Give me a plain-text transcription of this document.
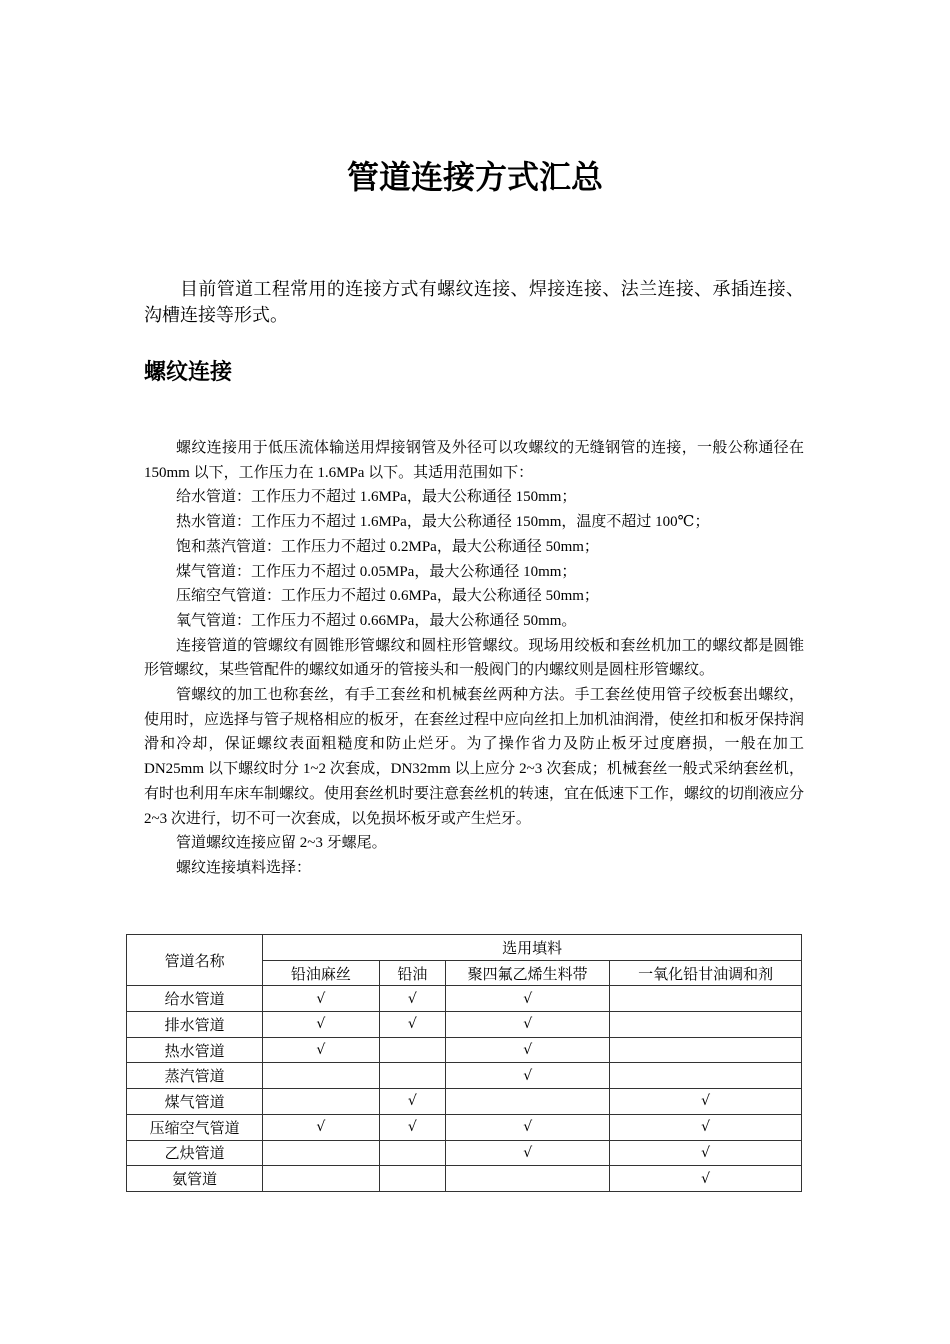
管道连接方式汇总
目前管道工程常用的连接方式有螺纹连接、焊接连接、法兰连接、承插连接、沟槽连接等形式。
螺纹连接

螺纹连接用于低压流体输送用焊接钢管及外径可以攻螺纹的无缝钢管的连接，一般公称通径在 150mm 以下，工作压力在 1.6MPa 以下。其适用范围如下：

给水管道：工作压力不超过 1.6MPa，最大公称通径 150mm；

热水管道：工作压力不超过 1.6MPa，最大公称通径 150mm，温度不超过 100℃；

饱和蒸汽管道：工作压力不超过 0.2MPa，最大公称通径 50mm；

煤气管道：工作压力不超过 0.05MPa，最大公称通径 10mm；

压缩空气管道：工作压力不超过 0.6MPa，最大公称通径 50mm；

氧气管道：工作压力不超过 0.66MPa，最大公称通径 50mm。

连接管道的管螺纹有圆锥形管螺纹和圆柱形管螺纹。现场用绞板和套丝机加工的螺纹都是圆锥形管螺纹，某些管配件的螺纹如通牙的管接头和一般阀门的内螺纹则是圆柱形管螺纹。

管螺纹的加工也称套丝，有手工套丝和机械套丝两种方法。手工套丝使用管子绞板套出螺纹，使用时，应选择与管子规格相应的板牙，在套丝过程中应向丝扣上加机油润滑，使丝扣和板牙保持润滑和冷却，保证螺纹表面粗糙度和防止烂牙。为了操作省力及防止板牙过度磨损，一般在加工 DN25mm 以下螺纹时分 1~2 次套成，DN32mm 以上应分 2~3 次套成；机械套丝一般式采纳套丝机，有时也利用车床车制螺纹。使用套丝机时要注意套丝机的转速，宜在低速下工作，螺纹的切削液应分 2~3 次进行，切不可一次套成，以免损坏板牙或产生烂牙。

管道螺纹连接应留 2~3 牙螺尾。

螺纹连接填料选择：

管道名称	选用填料			
	铅油麻丝	铅油	聚四氟乙烯生料带	一氧化铅甘油调和剂
给水管道	√	√	√	
排水管道	√	√	√	
热水管道	√		√	
蒸汽管道			√	
煤气管道		√		√
压缩空气管道	√	√	√	√
乙炔管道			√	√
氨管道				√
